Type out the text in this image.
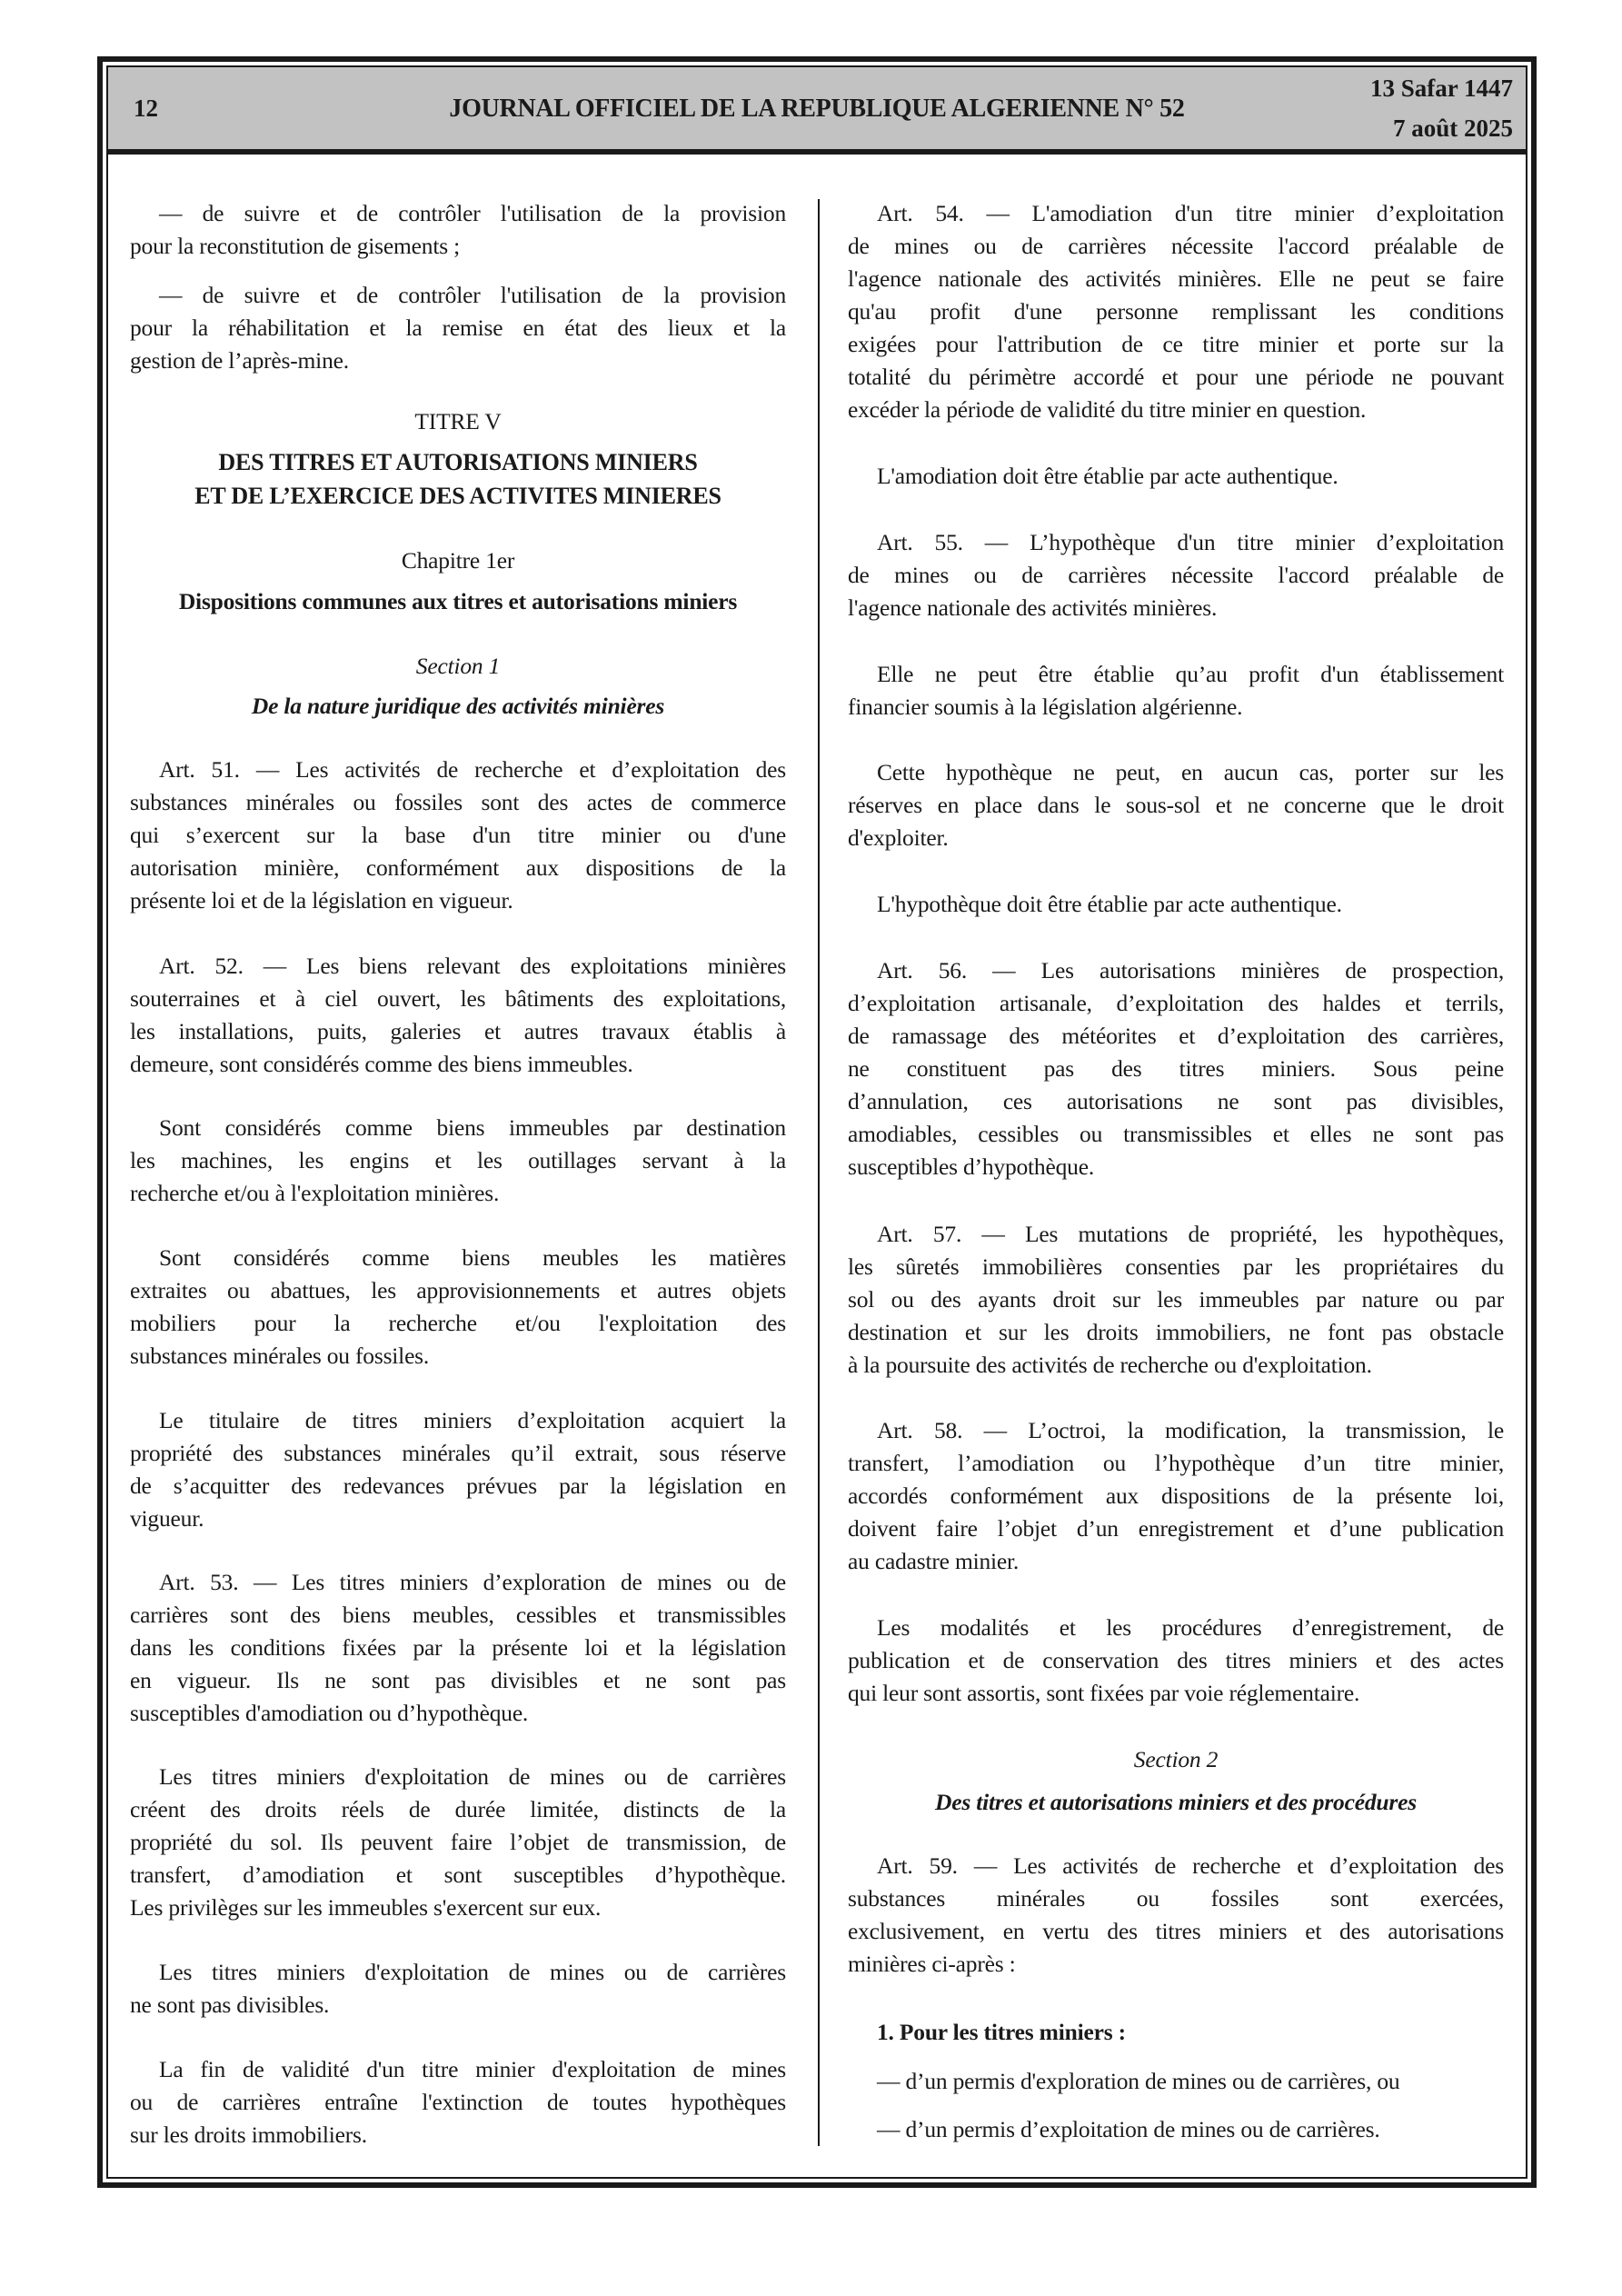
12	JOURNAL OFFICIEL DE LA REPUBLIQUE ALGERIENNE N° 52
13 Safar 1447
7 août 2025
— de suivre et de contrôler l'utilisation de la provision
pour la reconstitution de gisements ;
— de suivre et de contrôler l'utilisation de la provision
pour la réhabilitation et la remise en état des lieux et la
gestion de l’après-mine.
TITRE V
DES TITRES ET AUTORISATIONS MINIERS
ET DE L’EXERCICE DES ACTIVITES MINIERES
Chapitre 1er
Dispositions communes aux titres et autorisations miniers
Section 1
De la nature juridique des activités minières
Art. 51. — Les activités de recherche et d’exploitation des
substances minérales ou fossiles sont des actes de commerce
qui s’exercent sur la base d'un titre minier ou d'une
autorisation minière, conformément aux dispositions de la
présente loi et de la législation en vigueur.
Art. 52. — Les biens relevant des exploitations minières
souterraines et à ciel ouvert, les bâtiments des exploitations,
les installations, puits, galeries et autres travaux établis à
demeure, sont considérés comme des biens immeubles.
Sont considérés comme biens immeubles par destination
les machines, les engins et les outillages servant à la
recherche et/ou à l'exploitation minières.
Sont considérés comme biens meubles les matières
extraites ou abattues, les approvisionnements et autres objets
mobiliers pour la recherche et/ou l'exploitation des
substances minérales ou fossiles.
Le titulaire de titres miniers d’exploitation acquiert la
propriété des substances minérales qu’il extrait, sous réserve
de s’acquitter des redevances prévues par la législation en
vigueur.
Art. 53. — Les titres miniers d’exploration de mines ou de
carrières sont des biens meubles, cessibles et transmissibles
dans les conditions fixées par la présente loi et la législation
en vigueur. Ils ne sont pas divisibles et ne sont pas
susceptibles d'amodiation ou d’hypothèque.
Les titres miniers d'exploitation de mines ou de carrières
créent des droits réels de durée limitée, distincts de la
propriété du sol. Ils peuvent faire l’objet de transmission, de
transfert, d’amodiation et sont susceptibles d’hypothèque.
Les privilèges sur les immeubles s'exercent sur eux.
Les titres miniers d'exploitation de mines ou de carrières
ne sont pas divisibles.
La fin de validité d'un titre minier d'exploitation de mines
ou de carrières entraîne l'extinction de toutes hypothèques
sur les droits immobiliers.
Art. 54. — L'amodiation d'un titre minier d’exploitation
de mines ou de carrières nécessite l'accord préalable de
l'agence nationale des activités minières. Elle ne peut se faire
qu'au profit d'une personne remplissant les conditions
exigées pour l'attribution de ce titre minier et porte sur la
totalité du périmètre accordé et pour une période ne pouvant
excéder la période de validité du titre minier en question.
L'amodiation doit être établie par acte authentique.
Art. 55. — L’hypothèque d'un titre minier d’exploitation
de mines ou de carrières nécessite l'accord préalable de
l'agence nationale des activités minières.
Elle ne peut être établie qu’au profit d'un établissement
financier soumis à la législation algérienne.
Cette hypothèque ne peut, en aucun cas, porter sur les
réserves en place dans le sous-sol et ne concerne que le droit
d'exploiter.
L'hypothèque doit être établie par acte authentique.
Art. 56. — Les autorisations minières de prospection,
d’exploitation artisanale, d’exploitation des haldes et terrils,
de ramassage des météorites et d’exploitation des carrières,
ne constituent pas des titres miniers. Sous peine
d’annulation, ces autorisations ne sont pas divisibles,
amodiables, cessibles ou transmissibles et elles ne sont pas
susceptibles d’hypothèque.
Art. 57. — Les mutations de propriété, les hypothèques,
les sûretés immobilières consenties par les propriétaires du
sol ou des ayants droit sur les immeubles par nature ou par
destination et sur les droits immobiliers, ne font pas obstacle
à la poursuite des activités de recherche ou d'exploitation.
Art. 58. — L’octroi, la modification, la transmission, le
transfert, l’amodiation ou l’hypothèque d’un titre minier,
accordés conformément aux dispositions de la présente loi,
doivent faire l’objet d’un enregistrement et d’une publication
au cadastre minier.
Les modalités et les procédures d’enregistrement, de
publication et de conservation des titres miniers et des actes
qui leur sont assortis, sont fixées par voie réglementaire.
Section 2
Des titres et autorisations miniers et des procédures
Art. 59. — Les activités de recherche et d’exploitation des
substances minérales ou fossiles sont exercées,
exclusivement, en vertu des titres miniers et des autorisations
minières ci-après :
1. Pour les titres miniers :
— d’un permis d'exploration de mines ou de carrières, ou
— d’un permis d’exploitation de mines ou de carrières.
